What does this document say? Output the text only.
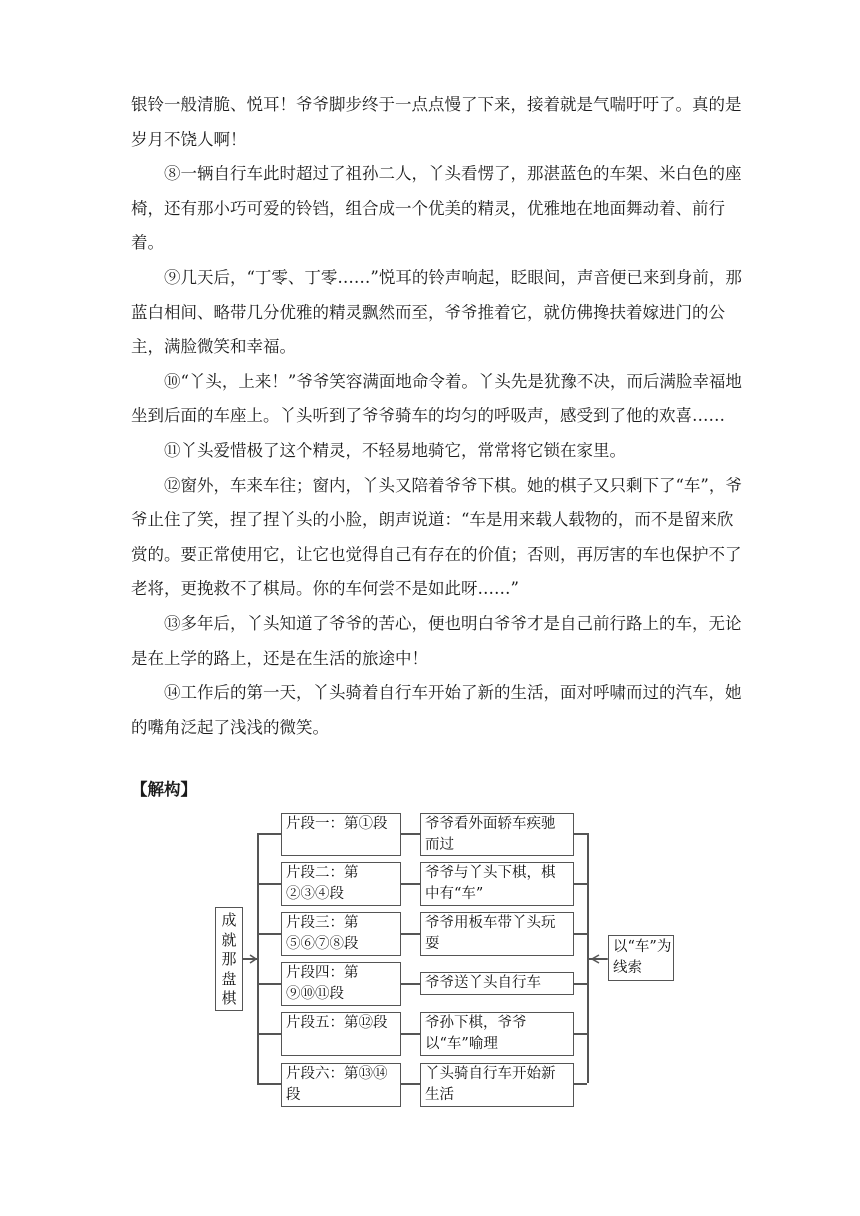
银铃一般清脆、悦耳！爷爷脚步终于一点点慢了下来，接着就是气喘吁吁了。真的是岁月不饶人啊！

⑧一辆自行车此时超过了祖孙二人，丫头看愣了，那湛蓝色的车架、米白色的座椅，还有那小巧可爱的铃铛，组合成一个优美的精灵，优雅地在地面舞动着、前行着。

⑨几天后，“丁零、丁零……”悦耳的铃声响起，眨眼间，声音便已来到身前，那蓝白相间、略带几分优雅的精灵飘然而至，爷爷推着它，就仿佛搀扶着嫁进门的公主，满脸微笑和幸福。

⑩“丫头，上来！”爷爷笑容满面地命令着。丫头先是犹豫不决，而后满脸幸福地坐到后面的车座上。丫头听到了爷爷骑车的均匀的呼吸声，感受到了他的欢喜……

⑪丫头爱惜极了这个精灵，不轻易地骑它，常常将它锁在家里。

⑫窗外，车来车往；窗内，丫头又陪着爷爷下棋。她的棋子又只剩下了“车”，爷爷止住了笑，捏了捏丫头的小脸，朗声说道：“车是用来载人载物的，而不是留来欣赏的。要正常使用它，让它也觉得自己有存在的价值；否则，再厉害的车也保护不了老将，更挽救不了棋局。你的车何尝不是如此呀……”

⑬多年后，丫头知道了爷爷的苦心，便也明白爷爷才是自己前行路上的车，无论是在上学的路上，还是在生活的旅途中！

⑭工作后的第一天，丫头骑着自行车开始了新的生活，面对呼啸而过的汽车，她的嘴角泛起了浅浅的微笑。

【解构】

成就那盘棋
片段一：第①段
片段二：第②③④段
片段三：第⑤⑥⑦⑧段
片段四：第⑨⑩⑪段
片段五：第⑫段
片段六：第⑬⑭段
爷爷看外面轿车疾驰而过
爷爷与丫头下棋，棋中有“车”
爷爷用板车带丫头玩耍
爷爷送丫头自行车
爷孙下棋，爷爷以“车”喻理
丫头骑自行车开始新生活
以“车”为线索
